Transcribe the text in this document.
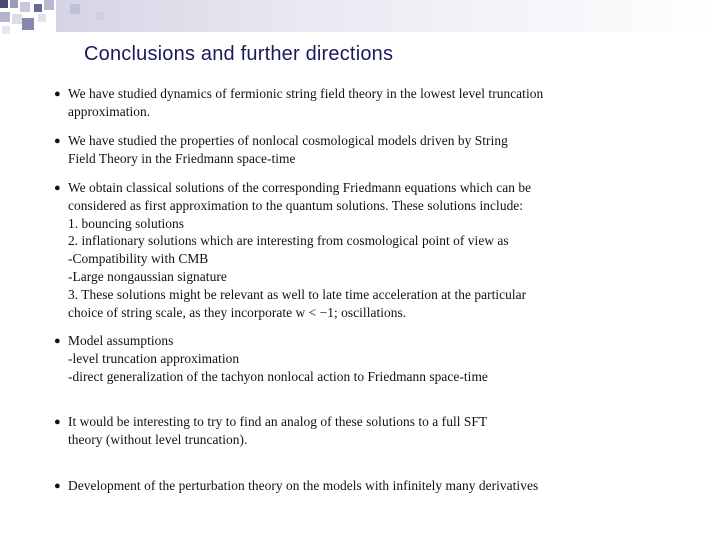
Conclusions and further directions
● We have studied dynamics of fermionic string field theory in the lowest level truncation
approximation.
● We have studied the properties of nonlocal cosmological models driven by String
Field Theory in the Friedmann space-time
● We obtain classical solutions of the corresponding Friedmann equations which can be
considered as first approximation to the quantum solutions. These solutions include:
1. bouncing solutions
2. inflationary solutions which are interesting from cosmological point of view as
-Compatibility with CMB
-Large nongaussian signature
3. These solutions might be relevant as well to late time acceleration at the particular
choice of string scale, as they incorporate w < −1; oscillations.
● Model assumptions
-level truncation approximation
-direct generalization of the tachyon nonlocal action to Friedmann space-time
● It would be interesting to try to find an analog of these solutions to a full SFT
theory (without level truncation).
● Development of the perturbation theory on the models with infinitely many derivatives
